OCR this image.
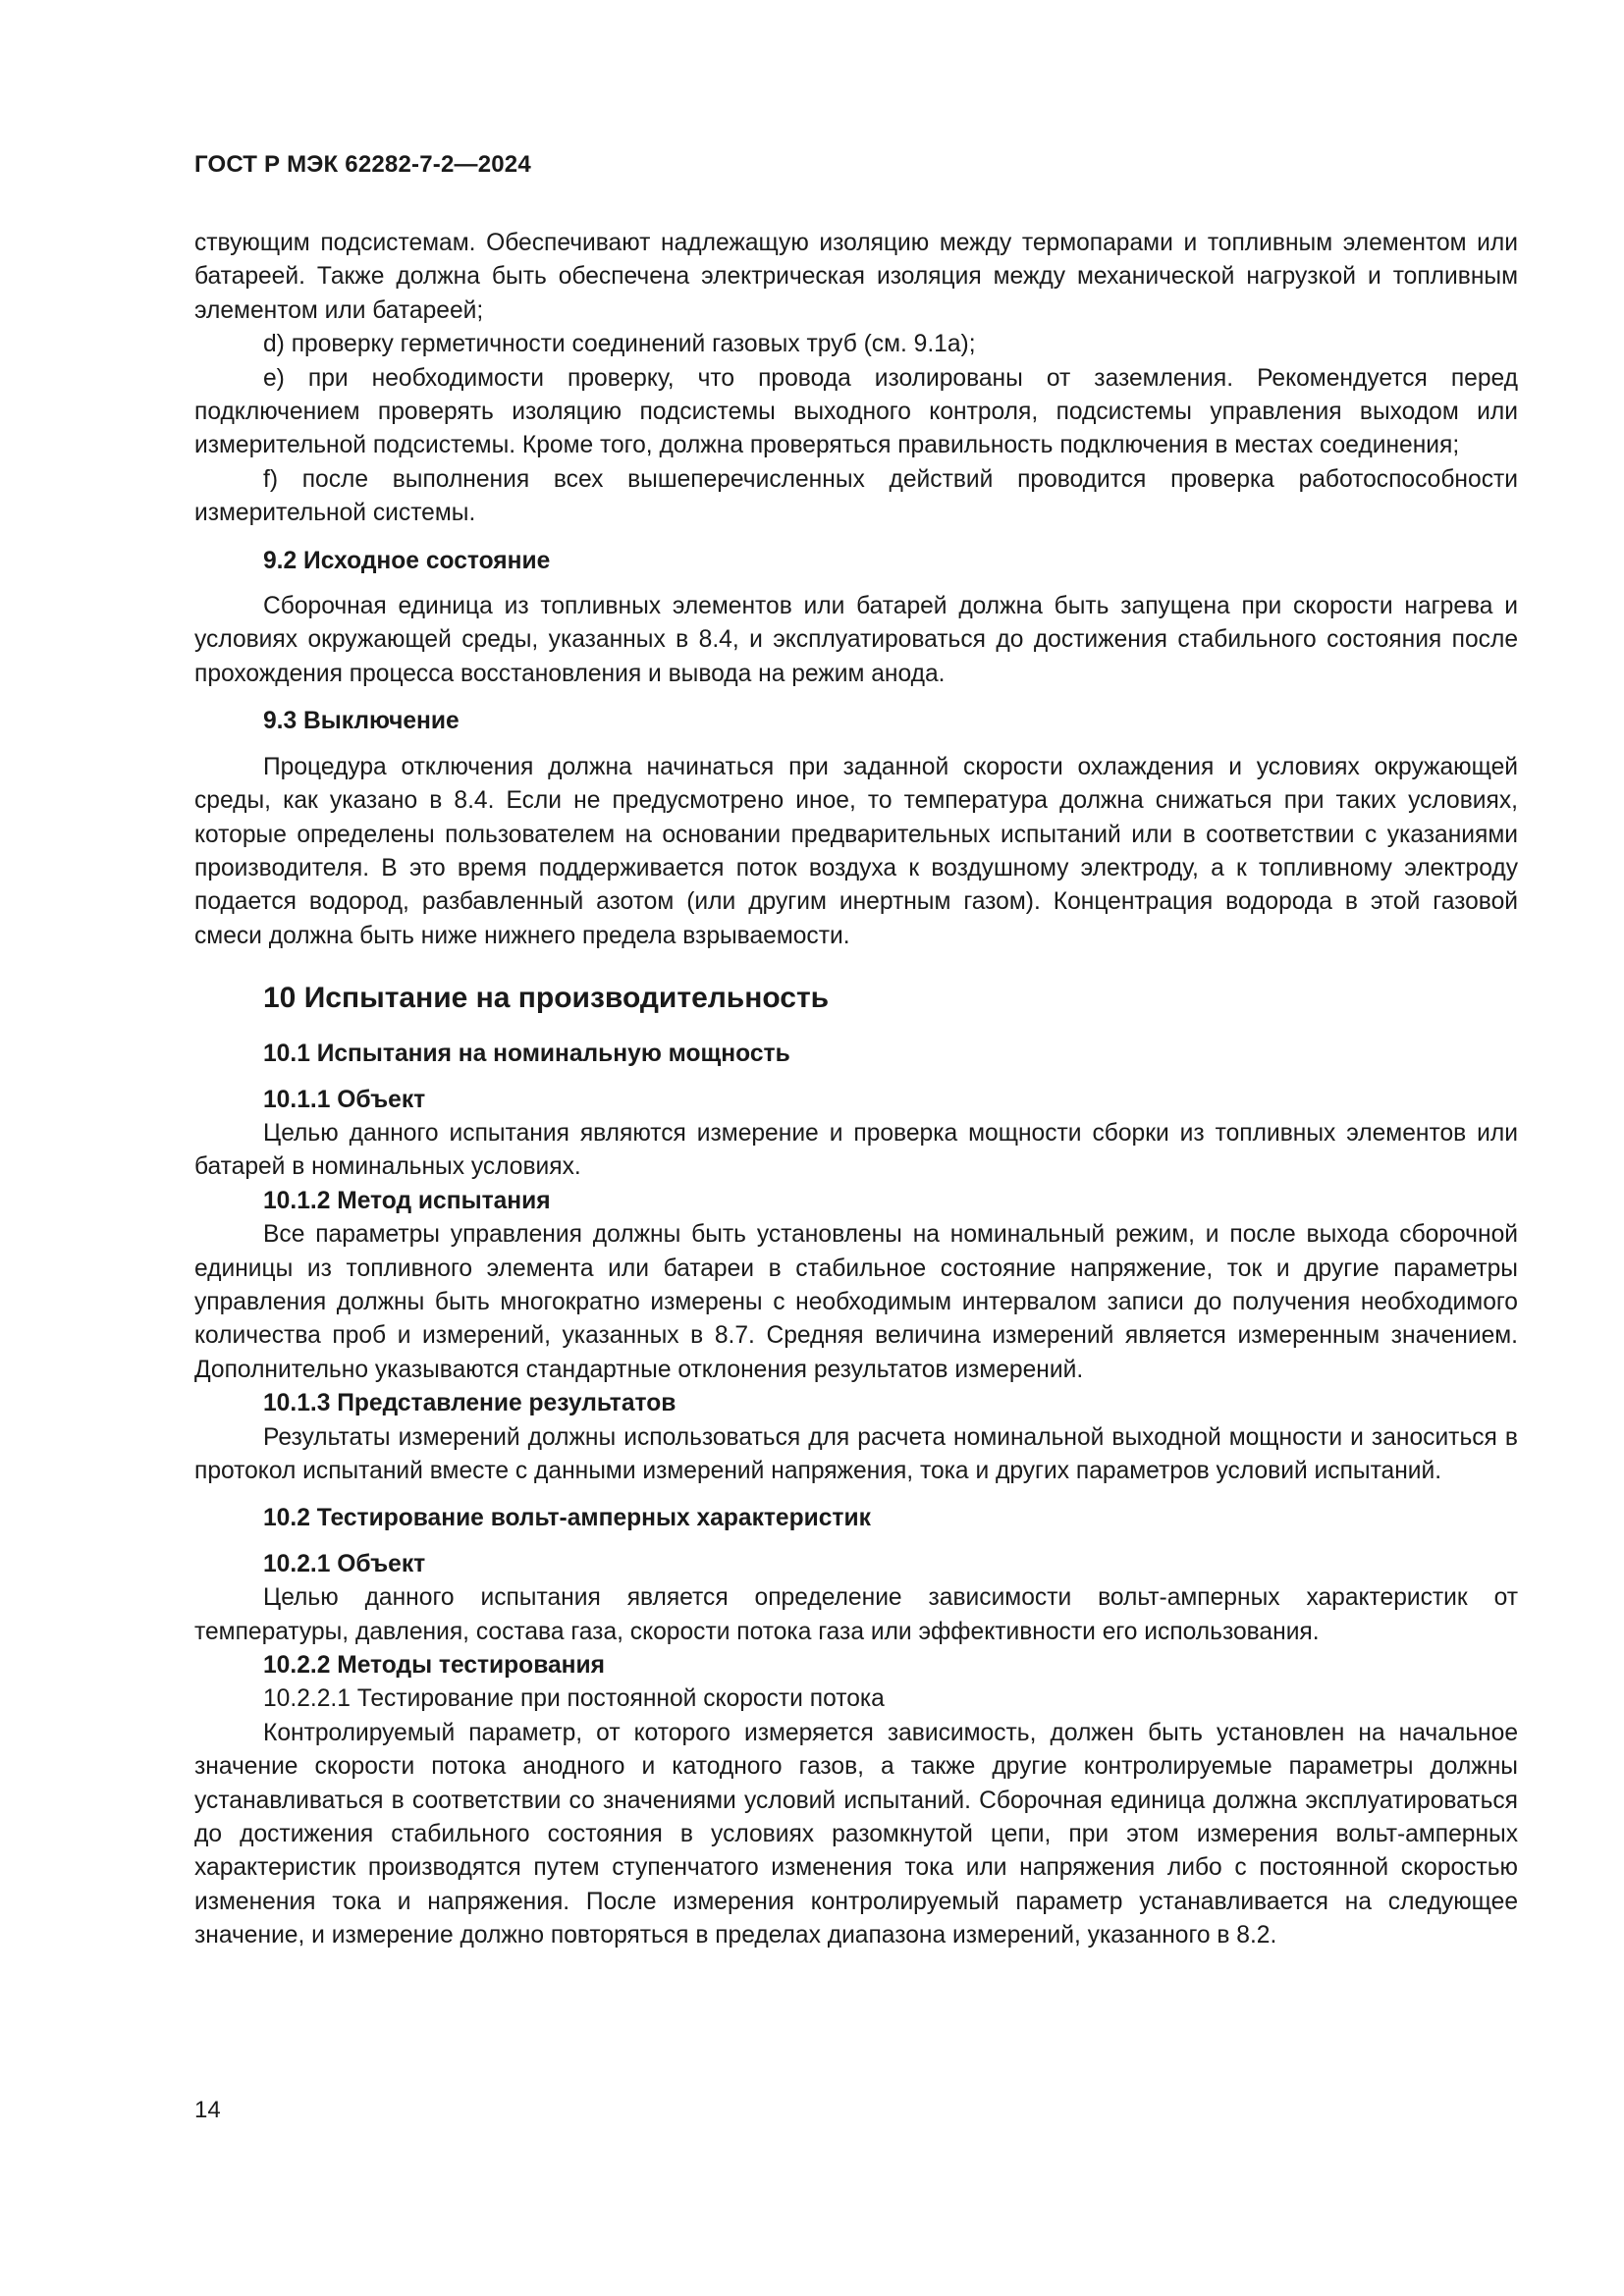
ГОСТ Р МЭК 62282-7-2—2024

ствующим подсистемам. Обеспечивают надлежащую изоляцию между термопарами и топливным элементом или батареей. Также должна быть обеспечена электрическая изоляция между механической нагрузкой и топливным элементом или батареей;

d) проверку герметичности соединений газовых труб (см. 9.1а);

е) при необходимости проверку, что провода изолированы от заземления. Рекомендуется перед подключением проверять изоляцию подсистемы выходного контроля, подсистемы управления выходом или измерительной подсистемы. Кроме того, должна проверяться правильность подключения в местах соединения;

f) после выполнения всех вышеперечисленных действий проводится проверка работоспособности измерительной системы.

9.2 Исходное состояние

Сборочная единица из топливных элементов или батарей должна быть запущена при скорости нагрева и условиях окружающей среды, указанных в 8.4, и эксплуатироваться до достижения стабильного состояния после прохождения процесса восстановления и вывода на режим анода.

9.3 Выключение

Процедура отключения должна начинаться при заданной скорости охлаждения и условиях окружающей среды, как указано в 8.4. Если не предусмотрено иное, то температура должна снижаться при таких условиях, которые определены пользователем на основании предварительных испытаний или в соответствии с указаниями производителя. В это время поддерживается поток воздуха к воздушному электроду, а к топливному электроду подается водород, разбавленный азотом (или другим инертным газом). Концентрация водорода в этой газовой смеси должна быть ниже нижнего предела взрываемости.

10 Испытание на производительность

10.1 Испытания на номинальную мощность

10.1.1 Объект

Целью данного испытания являются измерение и проверка мощности сборки из топливных элементов или батарей в номинальных условиях.

10.1.2 Метод испытания

Все параметры управления должны быть установлены на номинальный режим, и после выхода сборочной единицы из топливного элемента или батареи в стабильное состояние напряжение, ток и другие параметры управления должны быть многократно измерены с необходимым интервалом записи до получения необходимого количества проб и измерений, указанных в 8.7. Средняя величина измерений является измеренным значением. Дополнительно указываются стандартные отклонения результатов измерений.

10.1.3 Представление результатов

Результаты измерений должны использоваться для расчета номинальной выходной мощности и заноситься в протокол испытаний вместе с данными измерений напряжения, тока и других параметров условий испытаний.

10.2 Тестирование вольт-амперных характеристик

10.2.1 Объект

Целью данного испытания является определение зависимости вольт-амперных характеристик от температуры, давления, состава газа, скорости потока газа или эффективности его использования.

10.2.2 Методы тестирования

10.2.2.1 Тестирование при постоянной скорости потока

Контролируемый параметр, от которого измеряется зависимость, должен быть установлен на начальное значение скорости потока анодного и катодного газов, а также другие контролируемые параметры должны устанавливаться в соответствии со значениями условий испытаний. Сборочная единица должна эксплуатироваться до достижения стабильного состояния в условиях разомкнутой цепи, при этом измерения вольт-амперных характеристик производятся путем ступенчатого изменения тока или напряжения либо с постоянной скоростью изменения тока и напряжения. После измерения контролируемый параметр устанавливается на следующее значение, и измерение должно повторяться в пределах диапазона измерений, указанного в 8.2.

14
